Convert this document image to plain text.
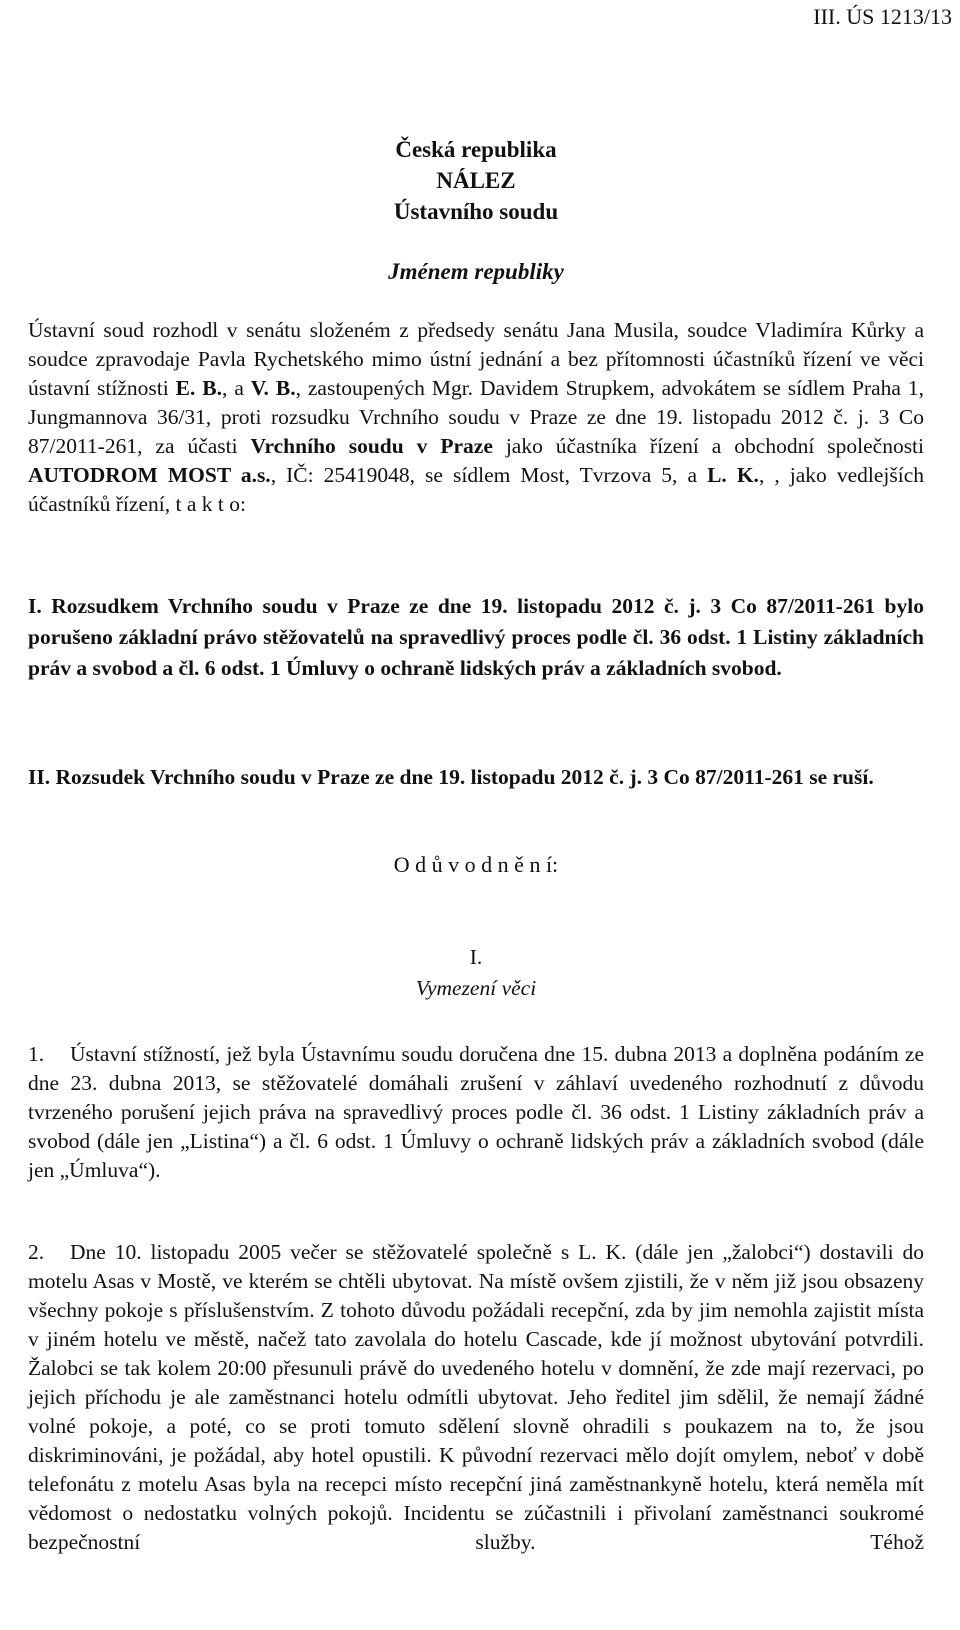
III. ÚS 1213/13
Česká republika
NÁLEZ
Ústavního soudu
Jménem republiky

Ústavní soud rozhodl v senátu složeném z předsedy senátu Jana Musila, soudce Vladimíra Kůrky a soudce zpravodaje Pavla Rychetského mimo ústní jednání a bez přítomnosti účastníků řízení ve věci ústavní stížnosti E. B., a V. B., zastoupených Mgr. Davidem Strupkem, advokátem se sídlem Praha 1, Jungmannova 36/31, proti rozsudku Vrchního soudu v Praze ze dne 19. listopadu 2012 č. j. 3 Co 87/2011-261, za účasti Vrchního soudu v Praze jako účastníka řízení a obchodní společnosti AUTODROM MOST a.s., IČ: 25419048, se sídlem Most, Tvrzova 5, a L. K., , jako vedlejších účastníků řízení, t a k t o:

I. Rozsudkem Vrchního soudu v Praze ze dne 19. listopadu 2012 č. j. 3 Co 87/2011-261 bylo porušeno základní právo stěžovatelů na spravedlivý proces podle čl. 36 odst. 1 Listiny základních práv a svobod a čl. 6 odst. 1 Úmluvy o ochraně lidských práv a základních svobod.

II. Rozsudek Vrchního soudu v Praze ze dne 19. listopadu 2012 č. j. 3 Co 87/2011-261 se ruší.

O d ů v o d n ě n í:
I.
Vymezení věci

1. Ústavní stížností, jež byla Ústavnímu soudu doručena dne 15. dubna 2013 a doplněna podáním ze dne 23. dubna 2013, se stěžovatelé domáhali zrušení v záhlaví uvedeného rozhodnutí z důvodu tvrzeného porušení jejich práva na spravedlivý proces podle čl. 36 odst. 1 Listiny základních práv a svobod (dále jen „Listina“) a čl. 6 odst. 1 Úmluvy o ochraně lidských práv a základních svobod (dále jen „Úmluva“).

2. Dne 10. listopadu 2005 večer se stěžovatelé společně s L. K. (dále jen „žalobci“) dostavili do motelu Asas v Mostě, ve kterém se chtěli ubytovat. Na místě ovšem zjistili, že v něm již jsou obsazeny všechny pokoje s příslušenstvím. Z tohoto důvodu požádali recepční, zda by jim nemohla zajistit místa v jiném hotelu ve městě, načež tato zavolala do hotelu Cascade, kde jí možnost ubytování potvrdili. Žalobci se tak kolem 20:00 přesunuli právě do uvedeného hotelu v domnění, že zde mají rezervaci, po jejich příchodu je ale zaměstnanci hotelu odmítli ubytovat. Jeho ředitel jim sdělil, že nemají žádné volné pokoje, a poté, co se proti tomuto sdělení slovně ohradili s poukazem na to, že jsou diskriminováni, je požádal, aby hotel opustili. K původní rezervaci mělo dojít omylem, neboť v době telefonátu z motelu Asas byla na recepci místo recepční jiná zaměstnankyně hotelu, která neměla mít vědomost o nedostatku volných pokojů. Incidentu se zúčastnili i přivolaní zaměstnanci soukromé bezpečnostní služby. Téhož
